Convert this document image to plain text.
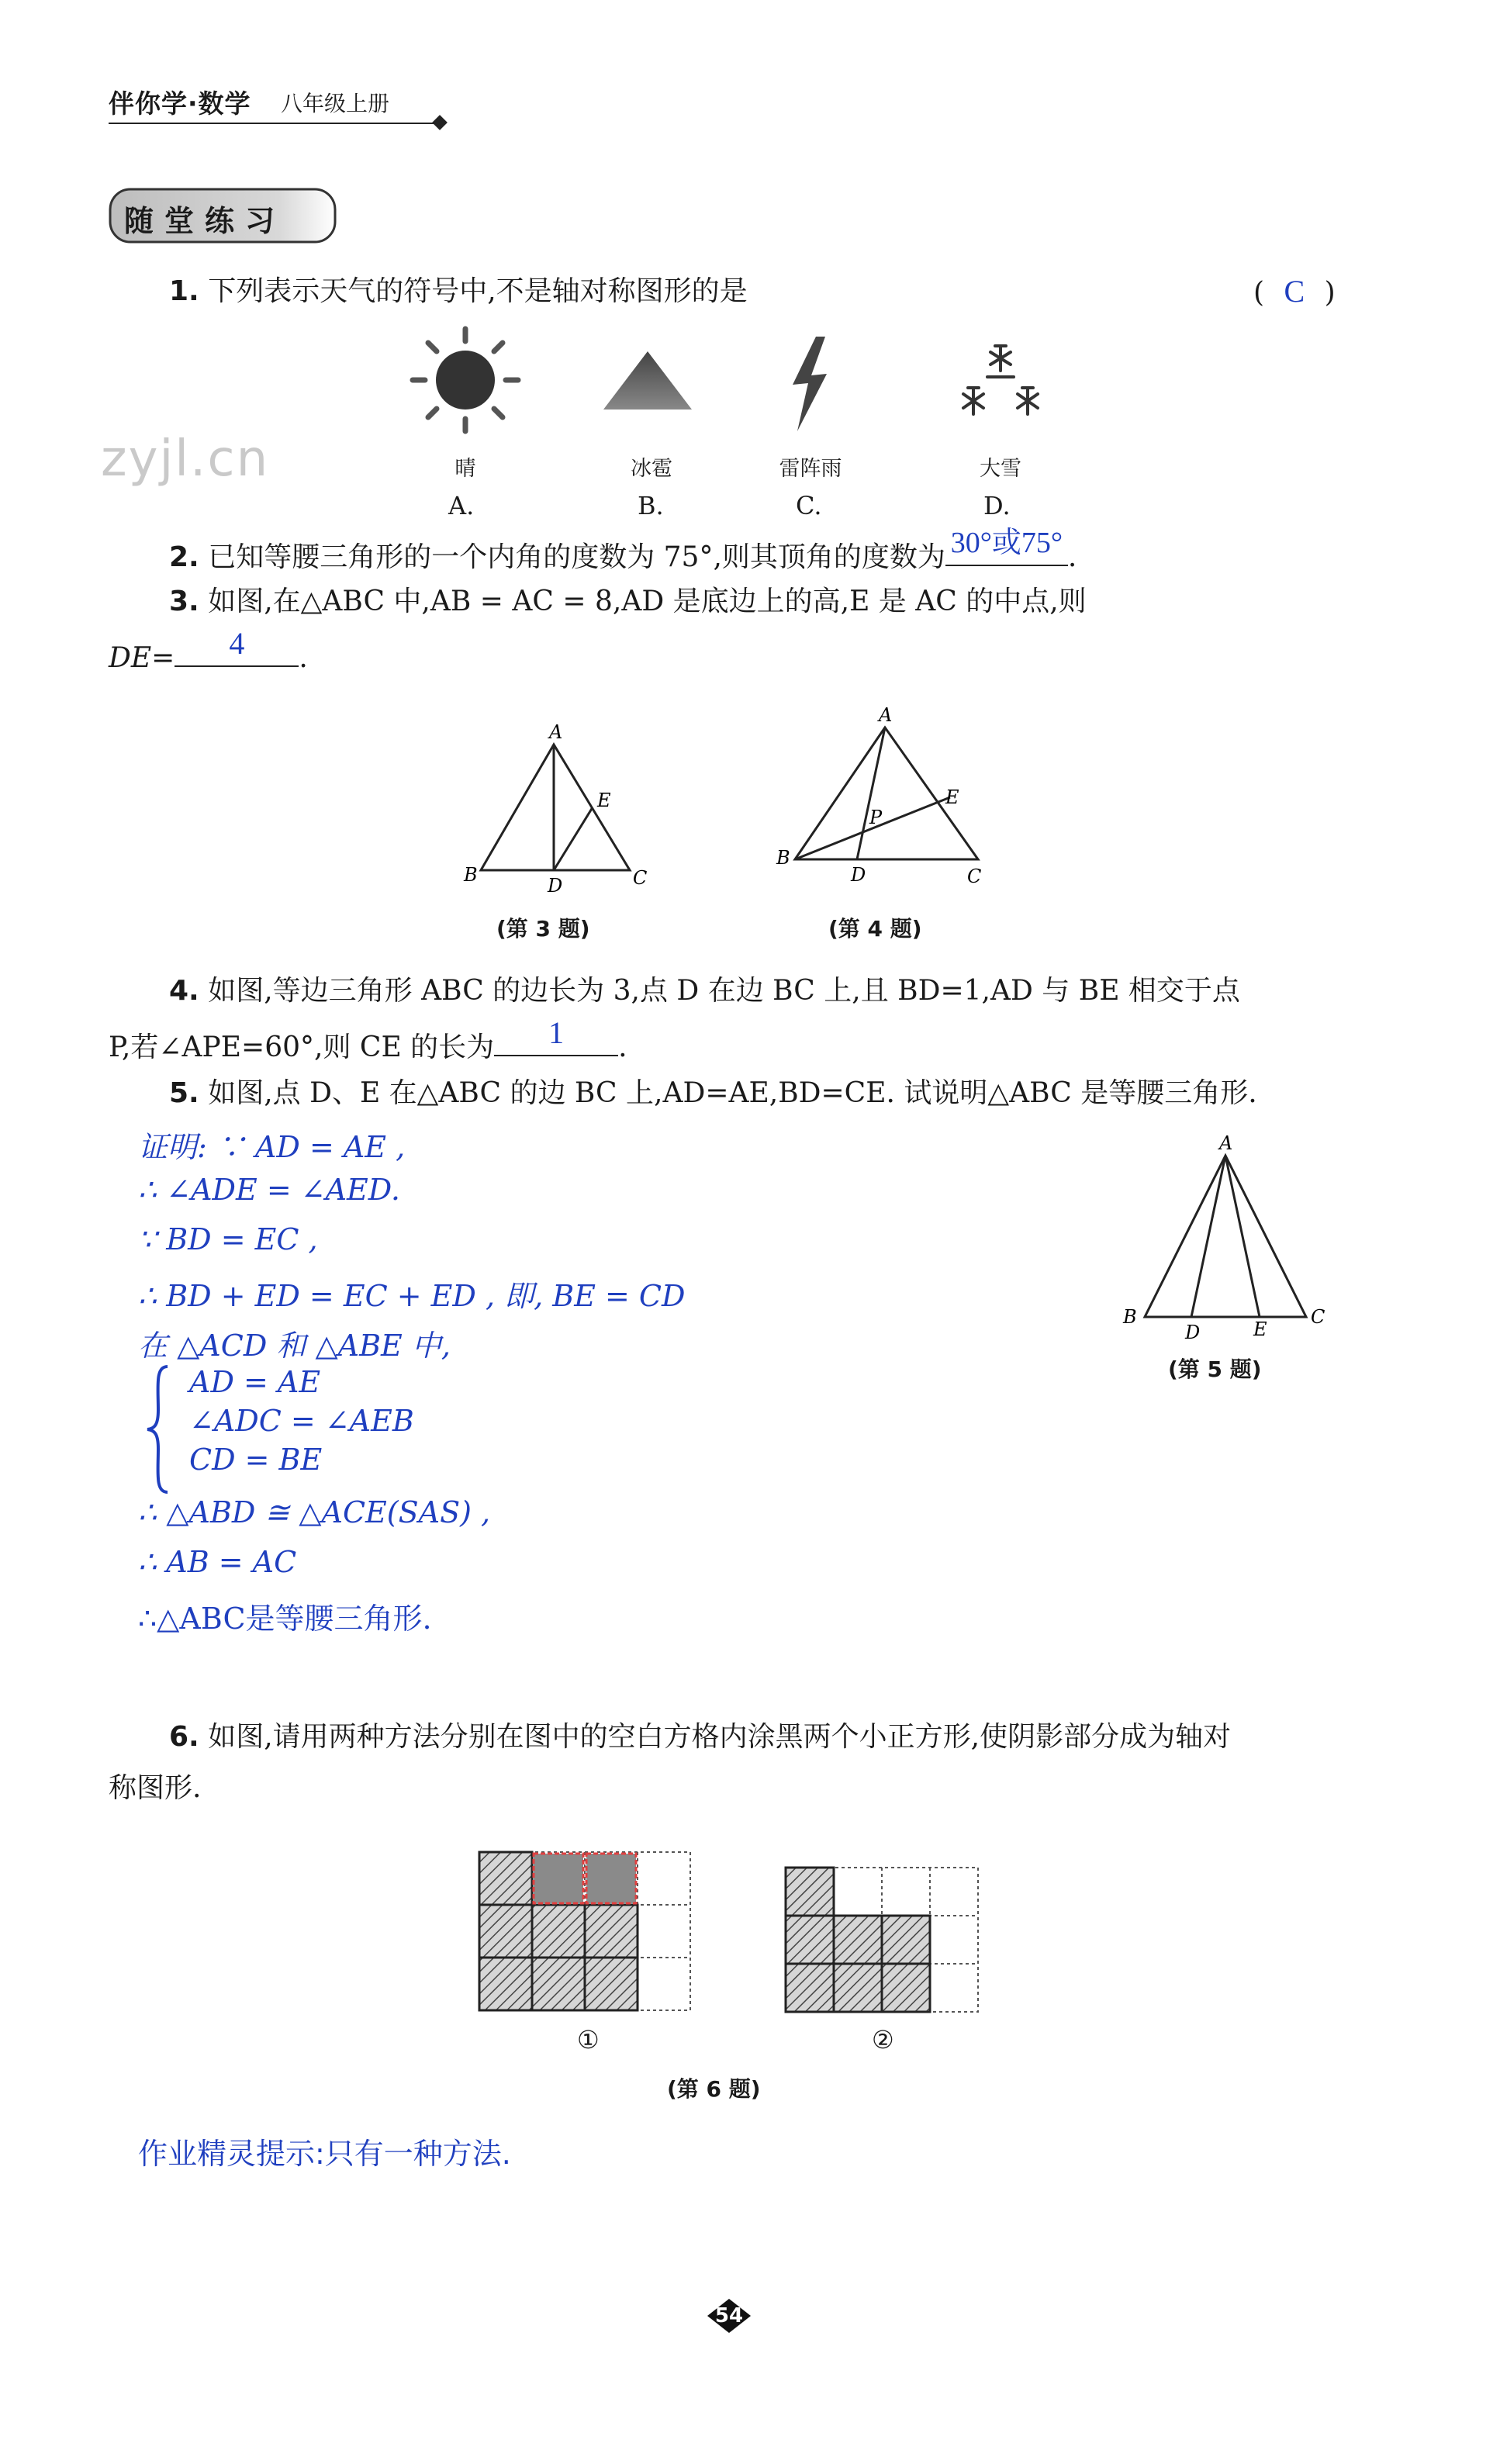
伴你学·数学 八年级上册
随堂练习
zyjl.cn
1. 下列表示天气的符号中,不是轴对称图形的是	( C )
晴	冰雹	雷阵雨	大雪
A.	B.	C.	D.
2. 已知等腰三角形的一个内角的度数为 75°,则其顶角的度数为 30°或75° .
3. 如图,在△ABC 中,AB = AC = 8,AD 是底边上的高,E 是 AC 的中点,则
DE=	4	.
A
B	C
D
E
(第 3 题)
A
B
C
D
E
P
(第 4 题)
4. 如图,等边三角形 ABC 的边长为 3,点 D 在边 BC 上,且 BD=1,AD 与 BE 相交于点
P,若∠APE=60°,则 CE 的长为	1	.
5. 如图,点 D、E 在△ABC 的边 BC 上,AD=AE,BD=CE. 试说明△ABC 是等腰三角形.
证明: ∵ AD = AE ,
∴ ∠ADE = ∠AED.
∵ BD = EC ,
∴ BD + ED = EC + ED , 即, BE = CD
在 △ACD 和 △ABE 中,
AD = AE
∠ADC = ∠AEB
CD = BE
∴ △ABD ≅ △ACE(SAS) ,
∴ AB = AC
∴△ABC是等腰三角形.
A
B	C
D	E
(第 5 题)
6. 如图,请用两种方法分别在图中的空白方格内涂黑两个小正方形,使阴影部分成为轴对
称图形.
①	②
(第 6 题)
作业精灵提示:只有一种方法.
54
